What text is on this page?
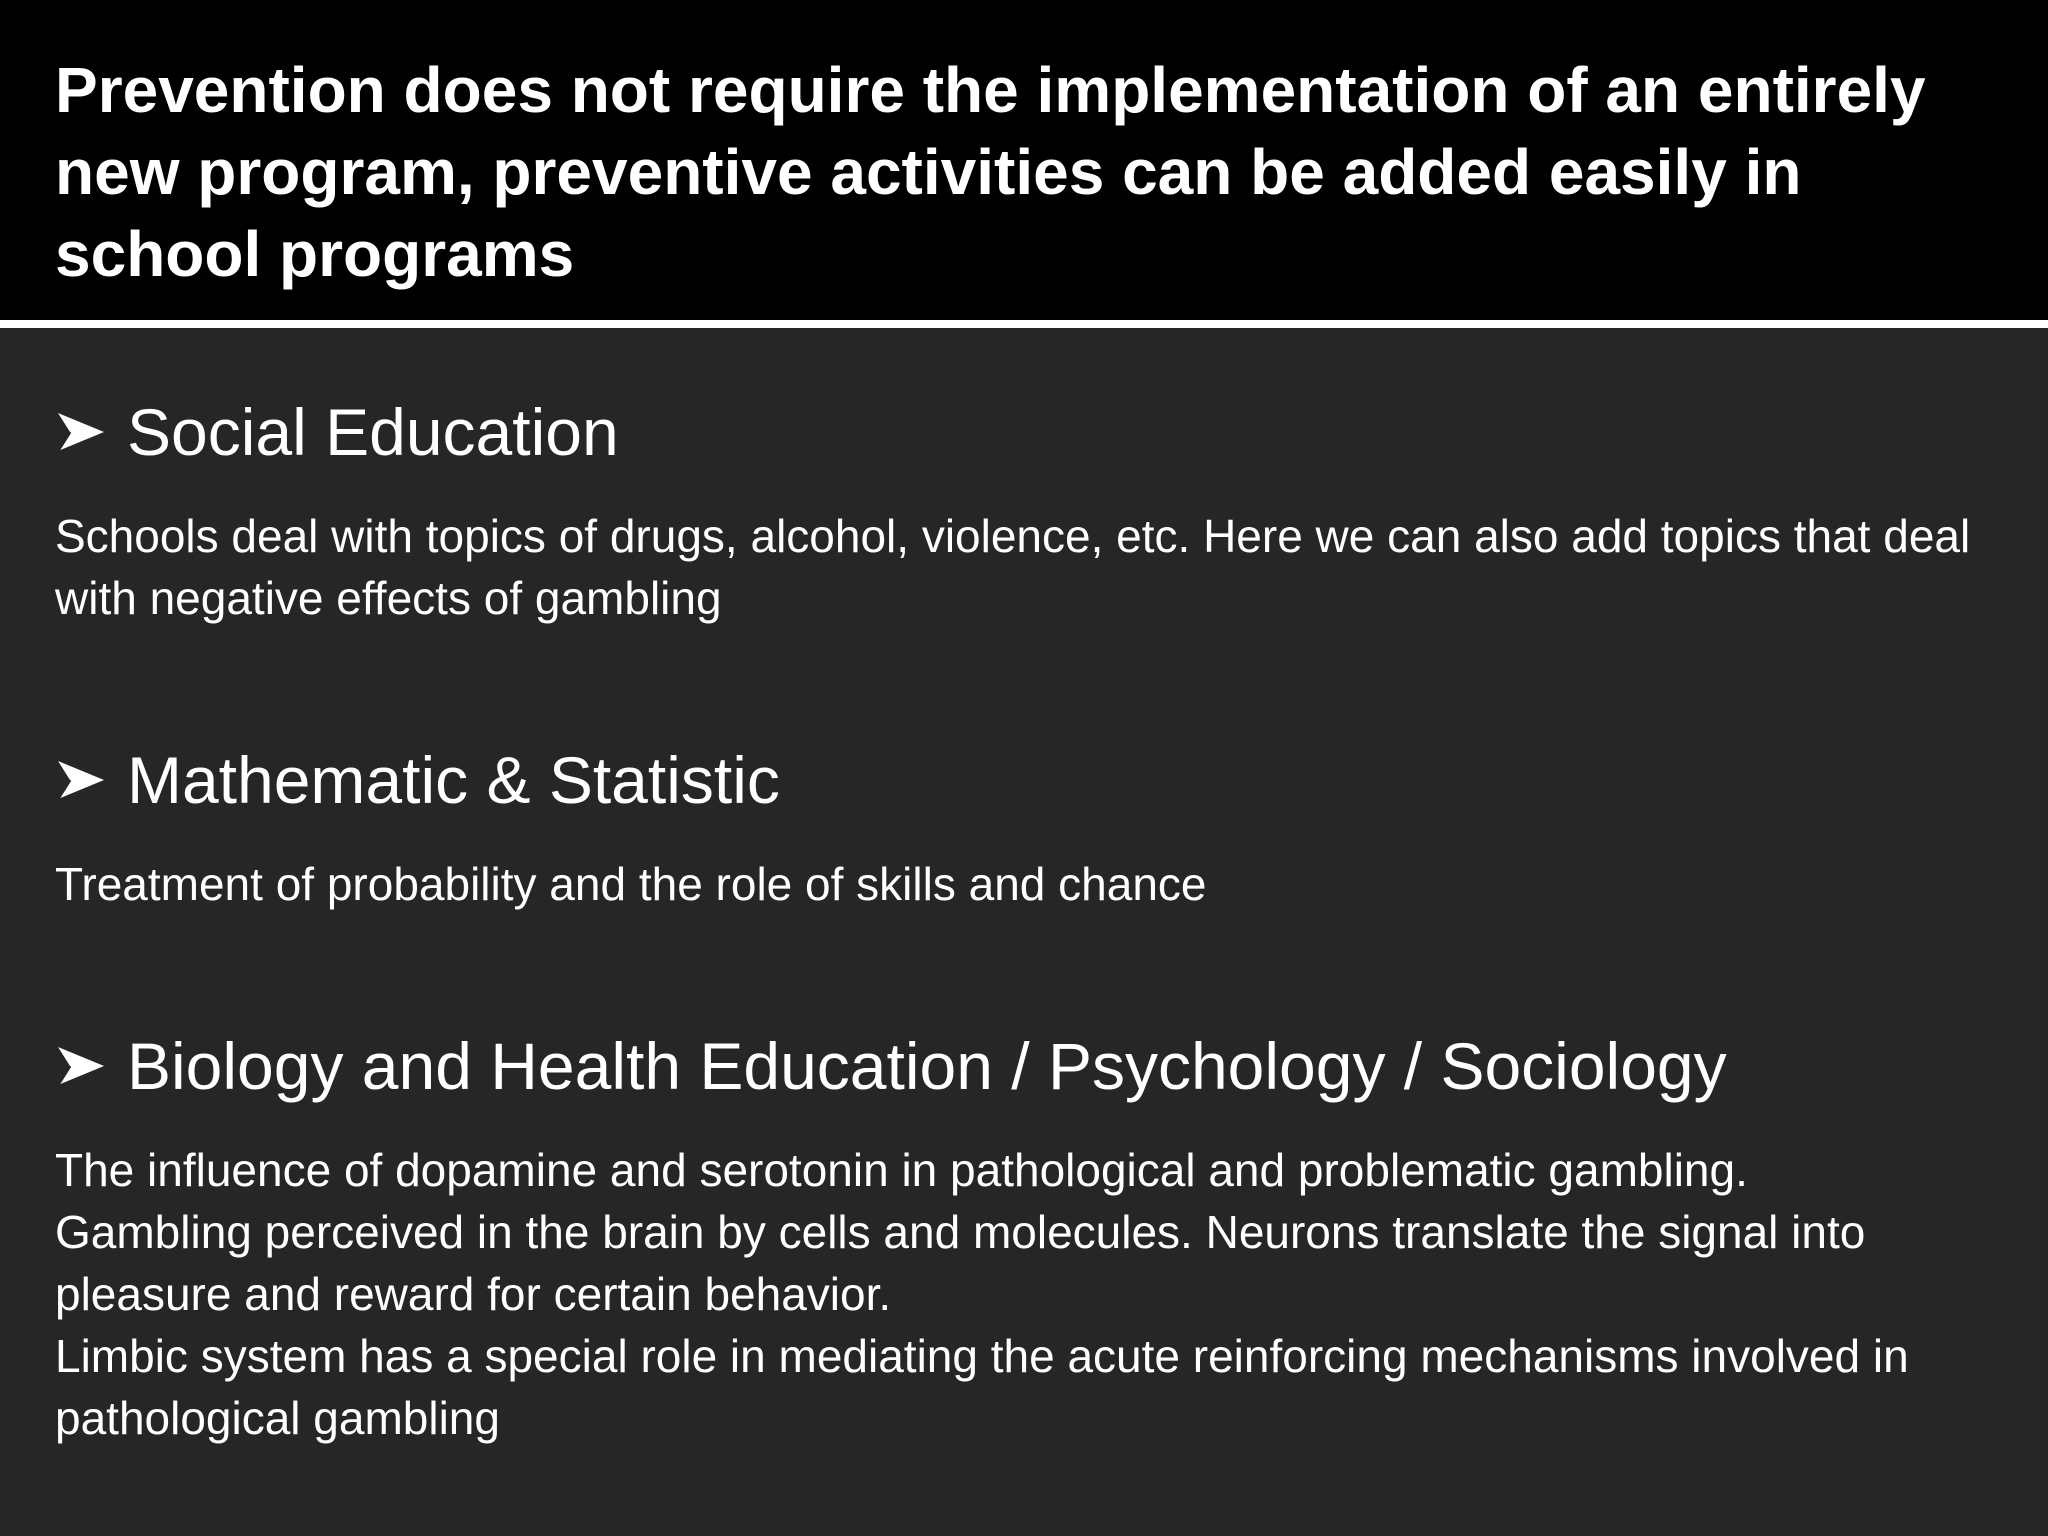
Prevention does not require the implementation of an entirely new program, preventive activities can be added easily in school programs
Social Education

Schools deal with topics of drugs, alcohol, violence, etc. Here we can also add topics that deal with negative effects of gambling

Mathematic & Statistic

Treatment of probability and the role of skills and chance

Biology and Health Education / Psychology / Sociology

The influence of dopamine and serotonin in pathological and problematic gambling.
Gambling perceived in the brain by cells and molecules. Neurons translate the signal into pleasure and reward for certain behavior.
Limbic system has a special role in mediating the acute reinforcing mechanisms involved in pathological gambling
